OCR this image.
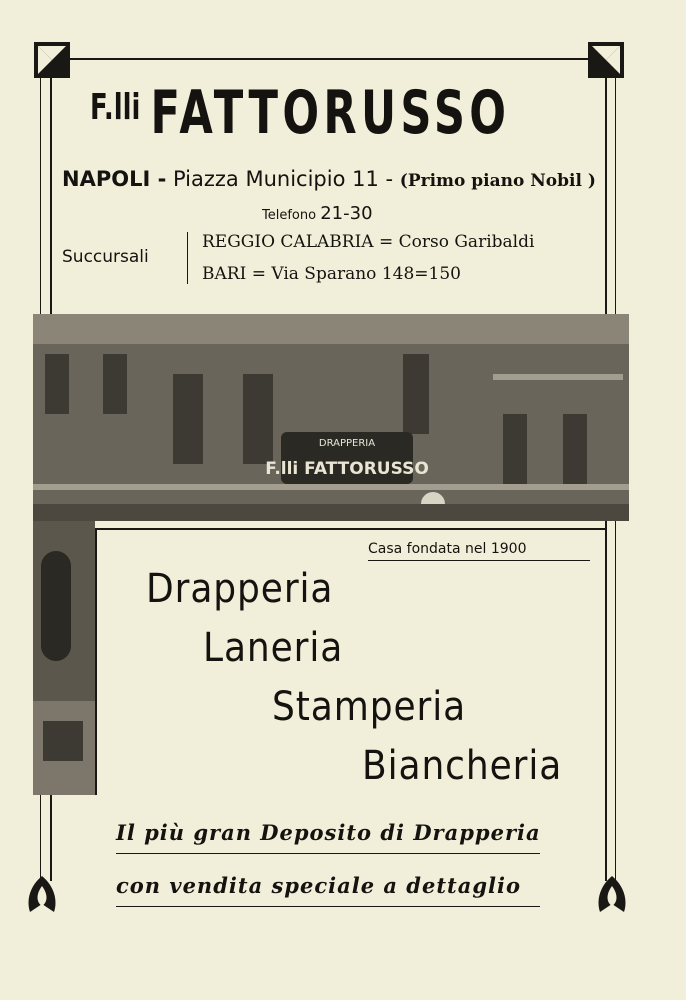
$^{F.lli}$ FATTORUSSO
NAPOLI - Piazza Municipio 11 - (Primo piano Nobil )
Telefono 21-30
Succursali
REGGIO CALABRIA = Corso Garibaldi
BARI = Via Sparano 148=150
DRAPPERIA
F.lli FATTORUSSO
Casa fondata nel 1900
Drapperia
Laneria
Stamperia
Biancheria
Il più gran Deposito di Drapperia
con vendita speciale a dettaglio
